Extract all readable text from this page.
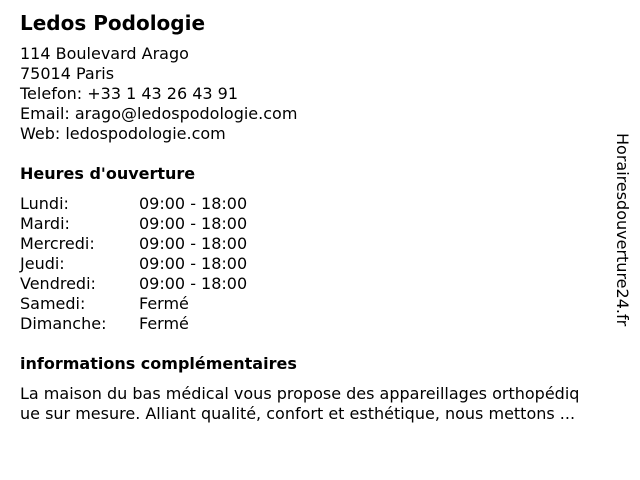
Ledos Podologie
114 Boulevard Arago
75014 Paris
Telefon: +33 1 43 26 43 91
Email: arago@ledospodologie.com
Web: ledospodologie.com
Heures d'ouverture
Lundi:	09:00 - 18:00
Mardi:	09:00 - 18:00
Mercredi:	09:00 - 18:00
Jeudi:	09:00 - 18:00
Vendredi:	09:00 - 18:00
Samedi:	Fermé
Dimanche: Fermé
informations complémentaires
La maison du bas médical vous propose des appareillages orthopédiq
ue sur mesure. Alliant qualité, confort et esthétique, nous mettons ...
Horairesdouverture24.fr
